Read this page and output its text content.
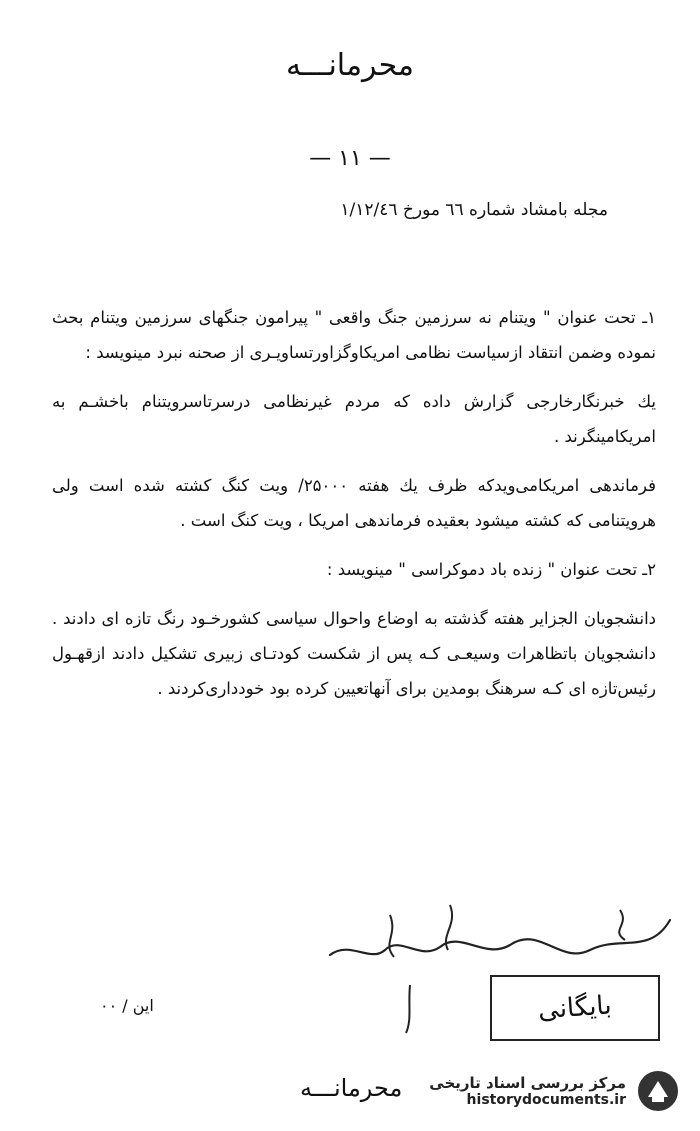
محرمانـــه
— ۱۱ —
مجله بامشاد شماره ٦٦ مورخ ۱/۱۲/٤٦

۱ـ تحت عنوان " ویتنام نه سرزمین جنگ واقعی " پیرامون جنگهای سرزمین ویتنام بحث نموده وضمن انتقاد ازسیاست نظامی امریکاوگزاورتساویـری از صحنه نبرد مینویسد :

یك خبرنگارخارجی گزارش داده که مردم غیرنظامی درسرتاسرویتنام باخشـم به امریکامینگرند .

فرماندهی امریکامی‌ویدکه ظرف یك هفته ۲۵۰۰۰/ ویت کنگ کشته شده است ولی هرویتنامی که کشته میشود بعقیده فرماندهی امریکا ، ویت کنگ است .

۲ـ تحت عنوان " زنده باد دموکراسی " مینویسد :

دانشجویان الجزایر هفته گذشته به اوضاع واحوال سیاسی کشورخـود رنگ تازه ای دادند . دانشجویان باتظاهرات وسیعـی کـه پس از شکست کودتـای زبیری تشکیل دادند ازقهـول رئیس‌تازه ای کـه سرهنگ بومدین برای آنهاتعیین کرده بود خودداری‌کردند .

بایگانی
این / ۰۰
محرمانـــه مرکز بررسی اسناد تاریخی
historydocuments.ir
